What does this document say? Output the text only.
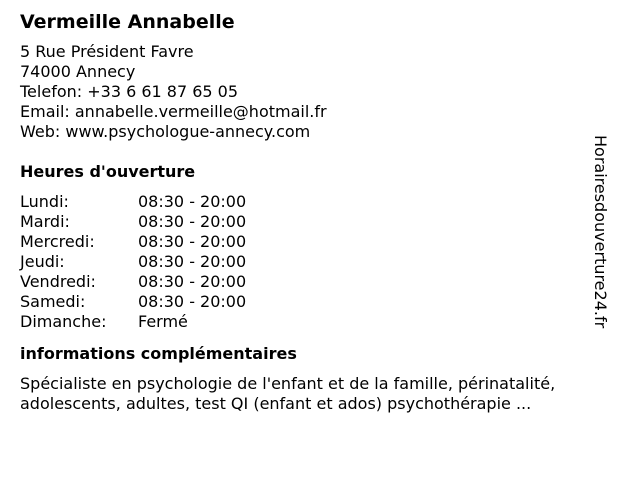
Vermeille Annabelle
5 Rue Président Favre
74000 Annecy
Telefon: +33 6 61 87 65 05
Email: annabelle.vermeille@hotmail.fr
Web: www.psychologue-annecy.com
Heures d'ouverture
Lundi:	08:30 - 20:00
Mardi:	08:30 - 20:00
Mercredi:	08:30 - 20:00
Jeudi:	08:30 - 20:00
Vendredi:	08:30 - 20:00
Samedi:	08:30 - 20:00
Dimanche:	Fermé
informations complémentaires
Spécialiste en psychologie de l'enfant et de la famille, périnatalité, adolescents, adultes, test QI (enfant et ados) psychothérapie ...
Horairesdouverture24.fr
